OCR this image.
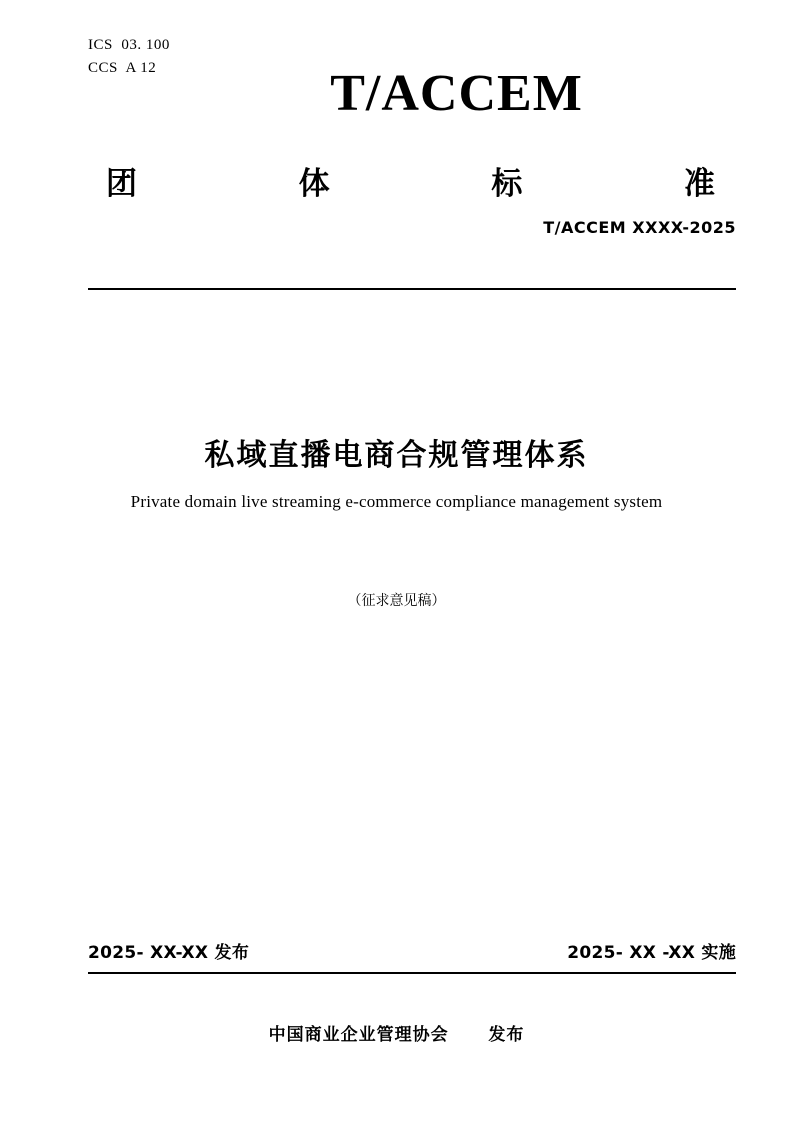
ICS  03. 100
CCS  A 12	T/ACCEM
团	体	标	准
T/ACCEM XXXX-2025
私域直播电商合规管理体系
Private domain live streaming e-commerce compliance management system
（征求意见稿）
2025- XX-XX 发布	2025- XX -XX 实施
中国商业企业管理协会 发布
